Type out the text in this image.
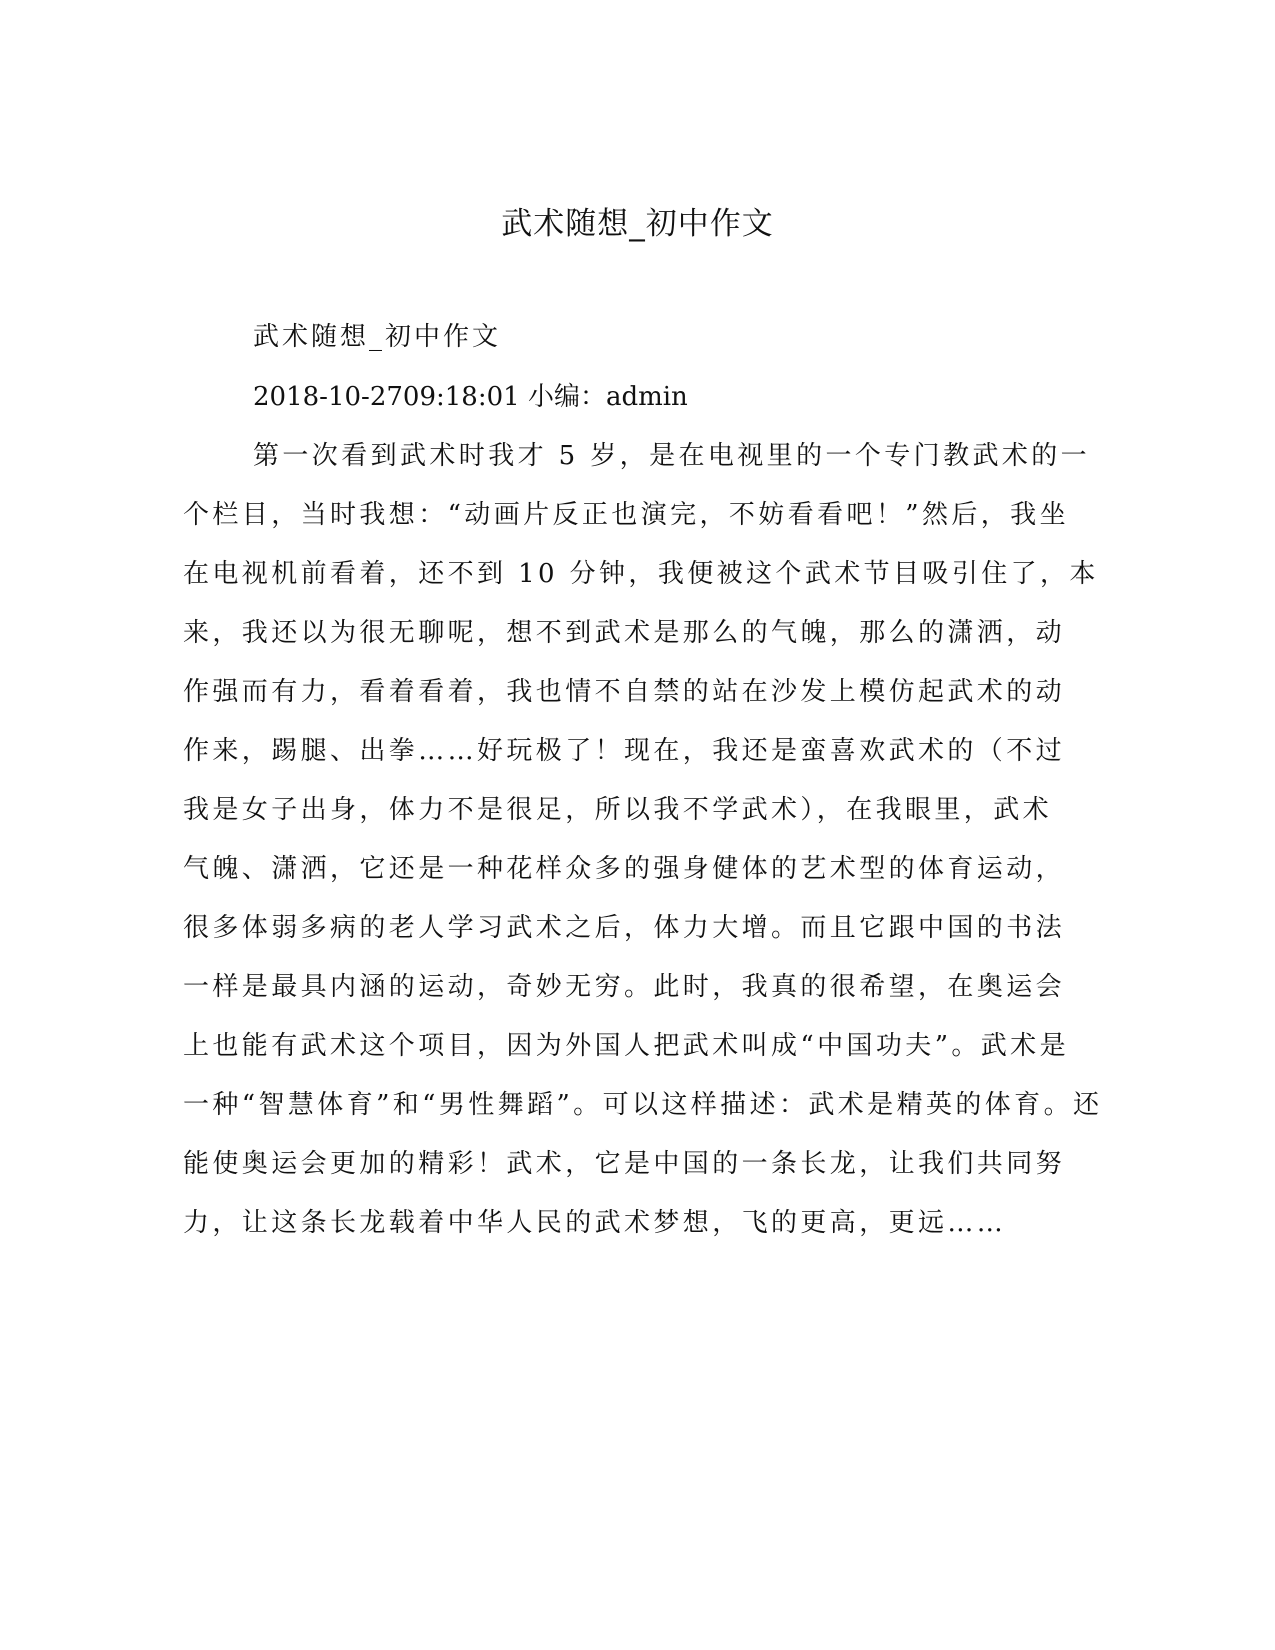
武术随想_初中作文

武术随想_初中作文

2018-10-2709:18:01 小编：admin

第一次看到武术时我才 5 岁，是在电视里的一个专门教武术的一
个栏目，当时我想：“动画片反正也演完，不妨看看吧！”然后，我坐
在电视机前看着，还不到 10 分钟，我便被这个武术节目吸引住了，本
来，我还以为很无聊呢，想不到武术是那么的气魄，那么的潇洒，动
作强而有力，看着看着，我也情不自禁的站在沙发上模仿起武术的动
作来，踢腿、出拳……好玩极了！现在，我还是蛮喜欢武术的（不过
我是女子出身，体力不是很足，所以我不学武术），在我眼里，武术
气魄、潇洒，它还是一种花样众多的强身健体的艺术型的体育运动，
很多体弱多病的老人学习武术之后，体力大增。而且它跟中国的书法
一样是最具内涵的运动，奇妙无穷。此时，我真的很希望，在奥运会
上也能有武术这个项目，因为外国人把武术叫成“中国功夫”。武术是
一种“智慧体育”和“男性舞蹈”。可以这样描述：武术是精英的体育。还
能使奥运会更加的精彩！武术，它是中国的一条长龙，让我们共同努
力，让这条长龙载着中华人民的武术梦想，飞的更高，更远……
